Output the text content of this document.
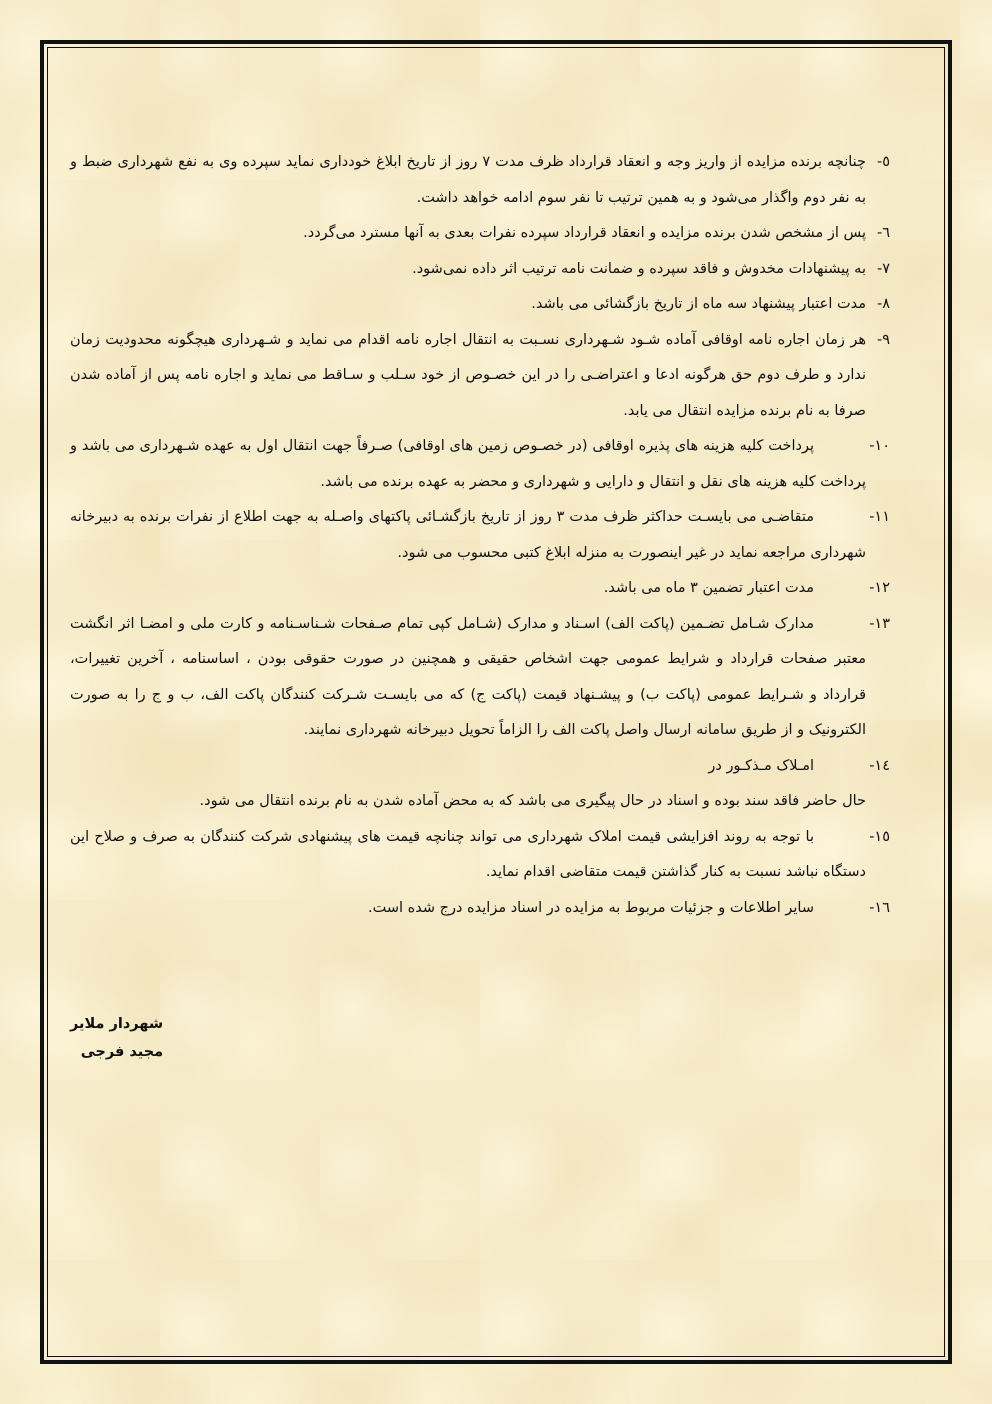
٥-
چنانچه برنده مزایده از واریز وجه و انعقاد قرارداد ظرف مدت ۷ روز از تاریخ ابلاغ خودداری نماید سپرده وی به نفع شهرداری ضبط و به نفر دوم واگذار می‌شود و به همین ترتیب تا نفر سوم ادامه خواهد داشت.
٦-
پس از مشخص شدن برنده مزایده و انعقاد قرارداد سپرده نفرات بعدی به آنها مسترد می‌گردد.
٧-
به پیشنهادات مخدوش و فاقد سپرده و ضمانت نامه ترتیب اثر داده نمی‌شود.
٨-
مدت اعتبار پیشنهاد سه ماه از تاریخ بازگشائی می باشد.
٩-
هر زمان اجاره نامه اوقافی آماده شـود شـهرداری نسـبت به انتقال اجاره نامه اقدام می نماید و شـهرداری هیچگونه محدودیت زمان ندارد و طرف دوم حق هرگونه ادعا و اعتراضـی را در این خصـوص از خود سـلب و سـاقط می نماید و اجاره نامه پس از آماده شدن صرفا به نام برنده مزایده انتقال می یابد.
١٠-
پرداخت کلیه هزینه های پذیره اوقافی (در خصـوص زمین های اوقافی) صـرفاً جهت انتقال اول به عهده شـهرداری می باشد و پرداخت کلیه هزینه های نقل و انتقال و دارایی و شهرداری و محضر به عهده برنده می باشد.
١١-
متقاضـی می بایسـت حداکثر ظرف مدت ۳ روز از تاریخ بازگشـائی پاکتهای واصـله به جهت اطلاع از نفرات برنده به دبیرخانه شهرداری مراجعه نماید در غیر اینصورت به منزله ابلاغ کتبی محسوب می شود.
١٢-
مدت اعتبار تضمین ۳ ماه می باشد.
١٣-
مدارک شـامل تضـمین (پاکت الف) اسـناد و مدارک (شـامل کپی تمام صـفحات شـناسـنامه و کارت ملی و امضـا اثر انگشت معتبر صفحات قرارداد و شرایط عمومی جهت اشخاص حقیقی و همچنین در صورت حقوقی بودن ، اساسنامه ، آخرین تغییرات، قرارداد و شـرایط عمومی (پاکت ب) و پیشـنهاد قیمت (پاکت ج) که می بایسـت شـرکت کنندگان پاکت الف، ب و ج را به صورت الکترونیک و از طریق سامانه ارسال واصل پاکت الف را الزاماً تحویل دبیرخانه شهرداری نمایند.
١٤-
امـلاک مـذکـور در
حال حاضر فاقد سند بوده و اسناد در حال پیگیری می باشد که به محض آماده شدن به نام برنده انتقال می شود.
١٥-
با توجه به روند افزایشی قیمت املاک شهرداری می تواند چنانچه قیمت های پیشنهادی شرکت کنندگان به صرف و صلاح این دستگاه نباشد نسبت به کنار گذاشتن قیمت متقاضی اقدام نماید.
١٦-
سایر اطلاعات و جزئیات مربوط به مزایده در اسناد مزایده درج شده است.
شهردار ملایر
مجید فرجی
